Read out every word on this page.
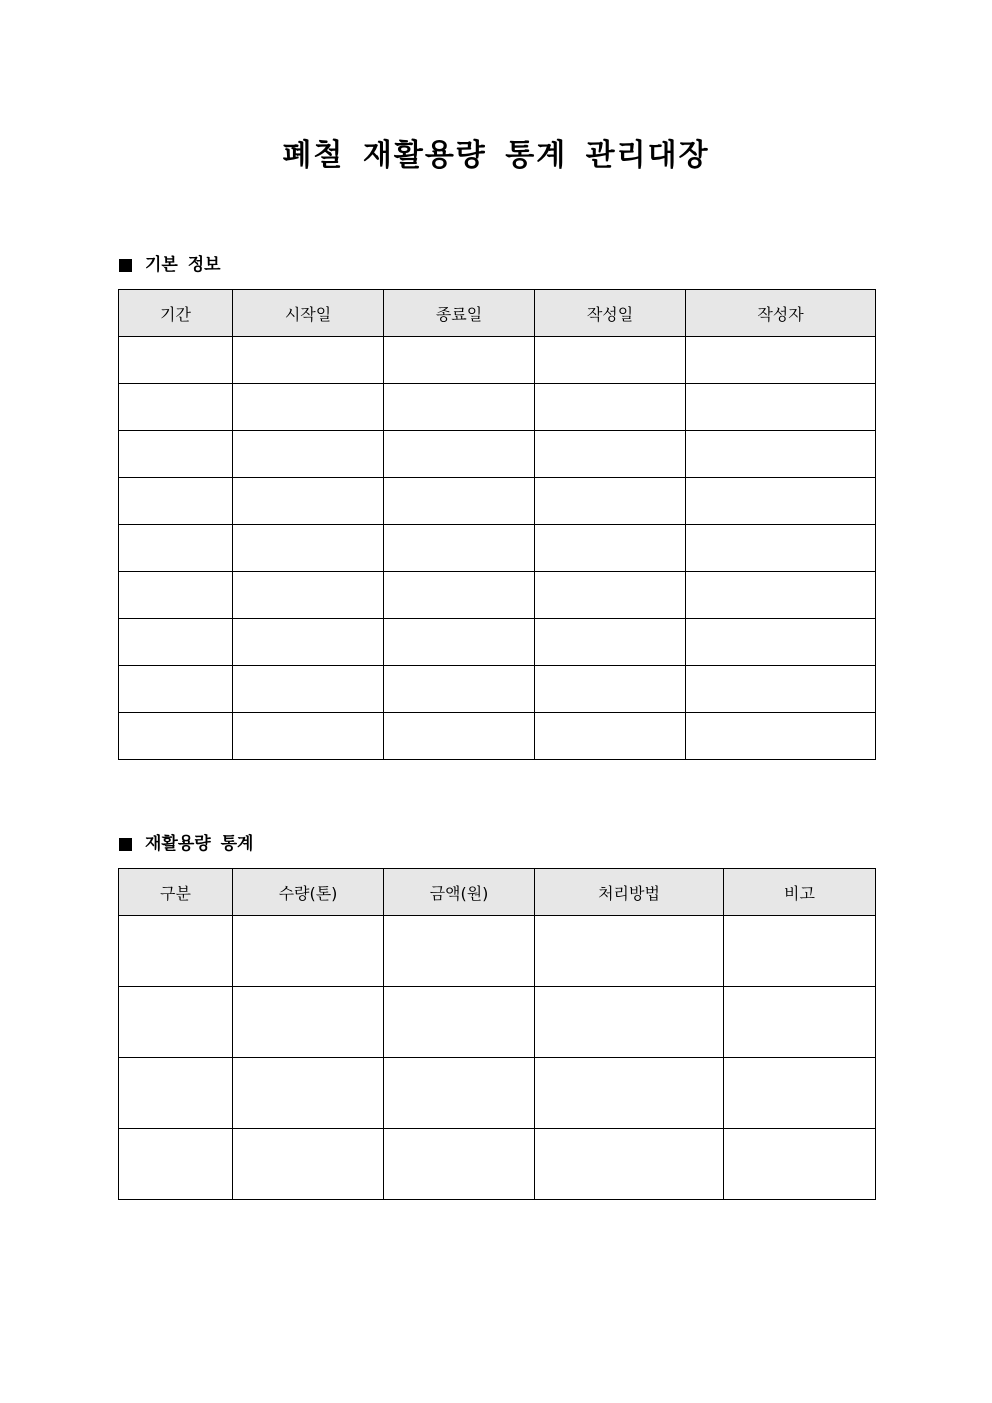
폐철 재활용량 통계 관리대장
기본 정보
기간	시작일	종료일	작성일	작성자

재활용량 통계
구분	수량(톤)	금액(원)	처리방법	비고
